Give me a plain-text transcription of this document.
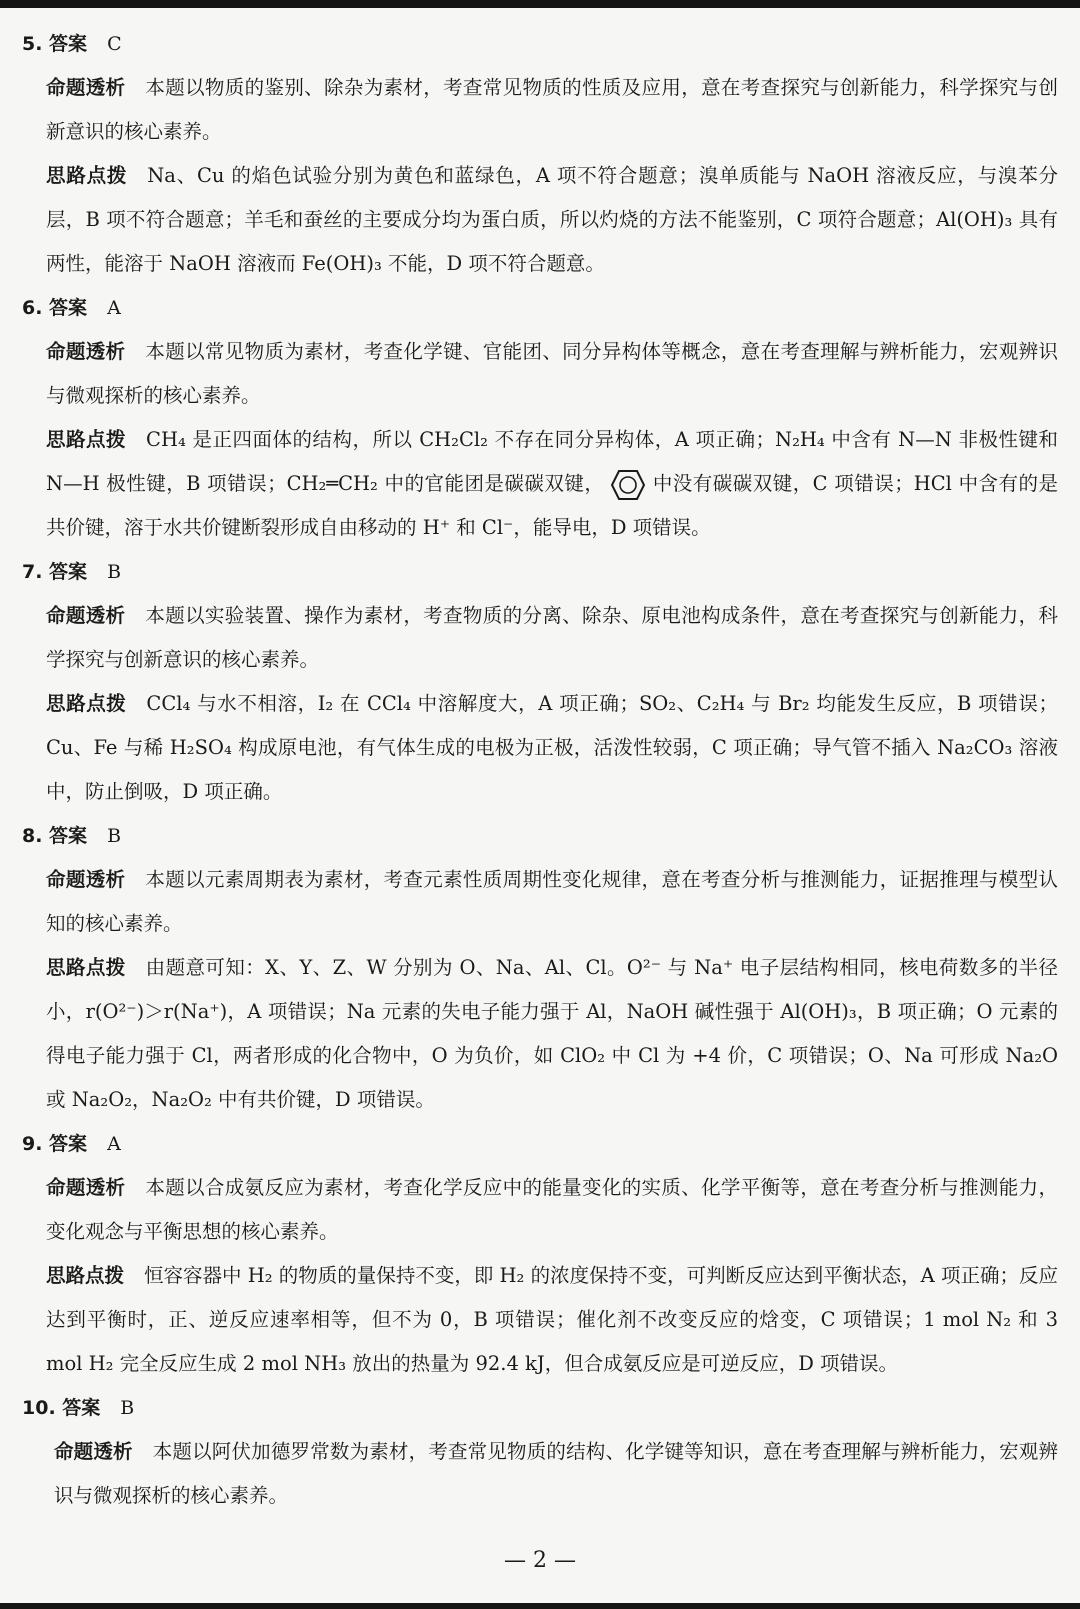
5. 答案 C

命题透析 本题以物质的鉴别、除杂为素材，考查常见物质的性质及应用，意在考查探究与创新能力，科学探究与创新意识的核心素养。

思路点拨 Na、Cu 的焰色试验分别为黄色和蓝绿色，A 项不符合题意；溴单质能与 NaOH 溶液反应，与溴苯分层，B 项不符合题意；羊毛和蚕丝的主要成分均为蛋白质，所以灼烧的方法不能鉴别，C 项符合题意；Al(OH)₃ 具有两性，能溶于 NaOH 溶液而 Fe(OH)₃ 不能，D 项不符合题意。

6. 答案 A

命题透析 本题以常见物质为素材，考查化学键、官能团、同分异构体等概念，意在考查理解与辨析能力，宏观辨识与微观探析的核心素养。

思路点拨 CH₄ 是正四面体的结构，所以 CH₂Cl₂ 不存在同分异构体，A 项正确；N₂H₄ 中含有 N—N 非极性键和 N—H 极性键，B 项错误；CH₂═CH₂ 中的官能团是碳碳双键， 中没有碳碳双键，C 项错误；HCl 中含有的是共价键，溶于水共价键断裂形成自由移动的 H⁺ 和 Cl⁻，能导电，D 项错误。

7. 答案 B

命题透析 本题以实验装置、操作为素材，考查物质的分离、除杂、原电池构成条件，意在考查探究与创新能力，科学探究与创新意识的核心素养。

思路点拨 CCl₄ 与水不相溶，I₂ 在 CCl₄ 中溶解度大，A 项正确；SO₂、C₂H₄ 与 Br₂ 均能发生反应，B 项错误；Cu、Fe 与稀 H₂SO₄ 构成原电池，有气体生成的电极为正极，活泼性较弱，C 项正确；导气管不插入 Na₂CO₃ 溶液中，防止倒吸，D 项正确。

8. 答案 B

命题透析 本题以元素周期表为素材，考查元素性质周期性变化规律，意在考查分析与推测能力，证据推理与模型认知的核心素养。

思路点拨 由题意可知：X、Y、Z、W 分别为 O、Na、Al、Cl。O²⁻ 与 Na⁺ 电子层结构相同，核电荷数多的半径小，r(O²⁻)＞r(Na⁺)，A 项错误；Na 元素的失电子能力强于 Al，NaOH 碱性强于 Al(OH)₃，B 项正确；O 元素的得电子能力强于 Cl，两者形成的化合物中，O 为负价，如 ClO₂ 中 Cl 为 +4 价，C 项错误；O、Na 可形成 Na₂O 或 Na₂O₂，Na₂O₂ 中有共价键，D 项错误。

9. 答案 A

命题透析 本题以合成氨反应为素材，考查化学反应中的能量变化的实质、化学平衡等，意在考查分析与推测能力，变化观念与平衡思想的核心素养。

思路点拨 恒容容器中 H₂ 的物质的量保持不变，即 H₂ 的浓度保持不变，可判断反应达到平衡状态，A 项正确；反应达到平衡时，正、逆反应速率相等，但不为 0，B 项错误；催化剂不改变反应的焓变，C 项错误；1 mol N₂ 和 3 mol H₂ 完全反应生成 2 mol NH₃ 放出的热量为 92.4 kJ，但合成氨反应是可逆反应，D 项错误。

10. 答案 B

命题透析 本题以阿伏加德罗常数为素材，考查常见物质的结构、化学键等知识，意在考查理解与辨析能力，宏观辨识与微观探析的核心素养。

— 2 —
